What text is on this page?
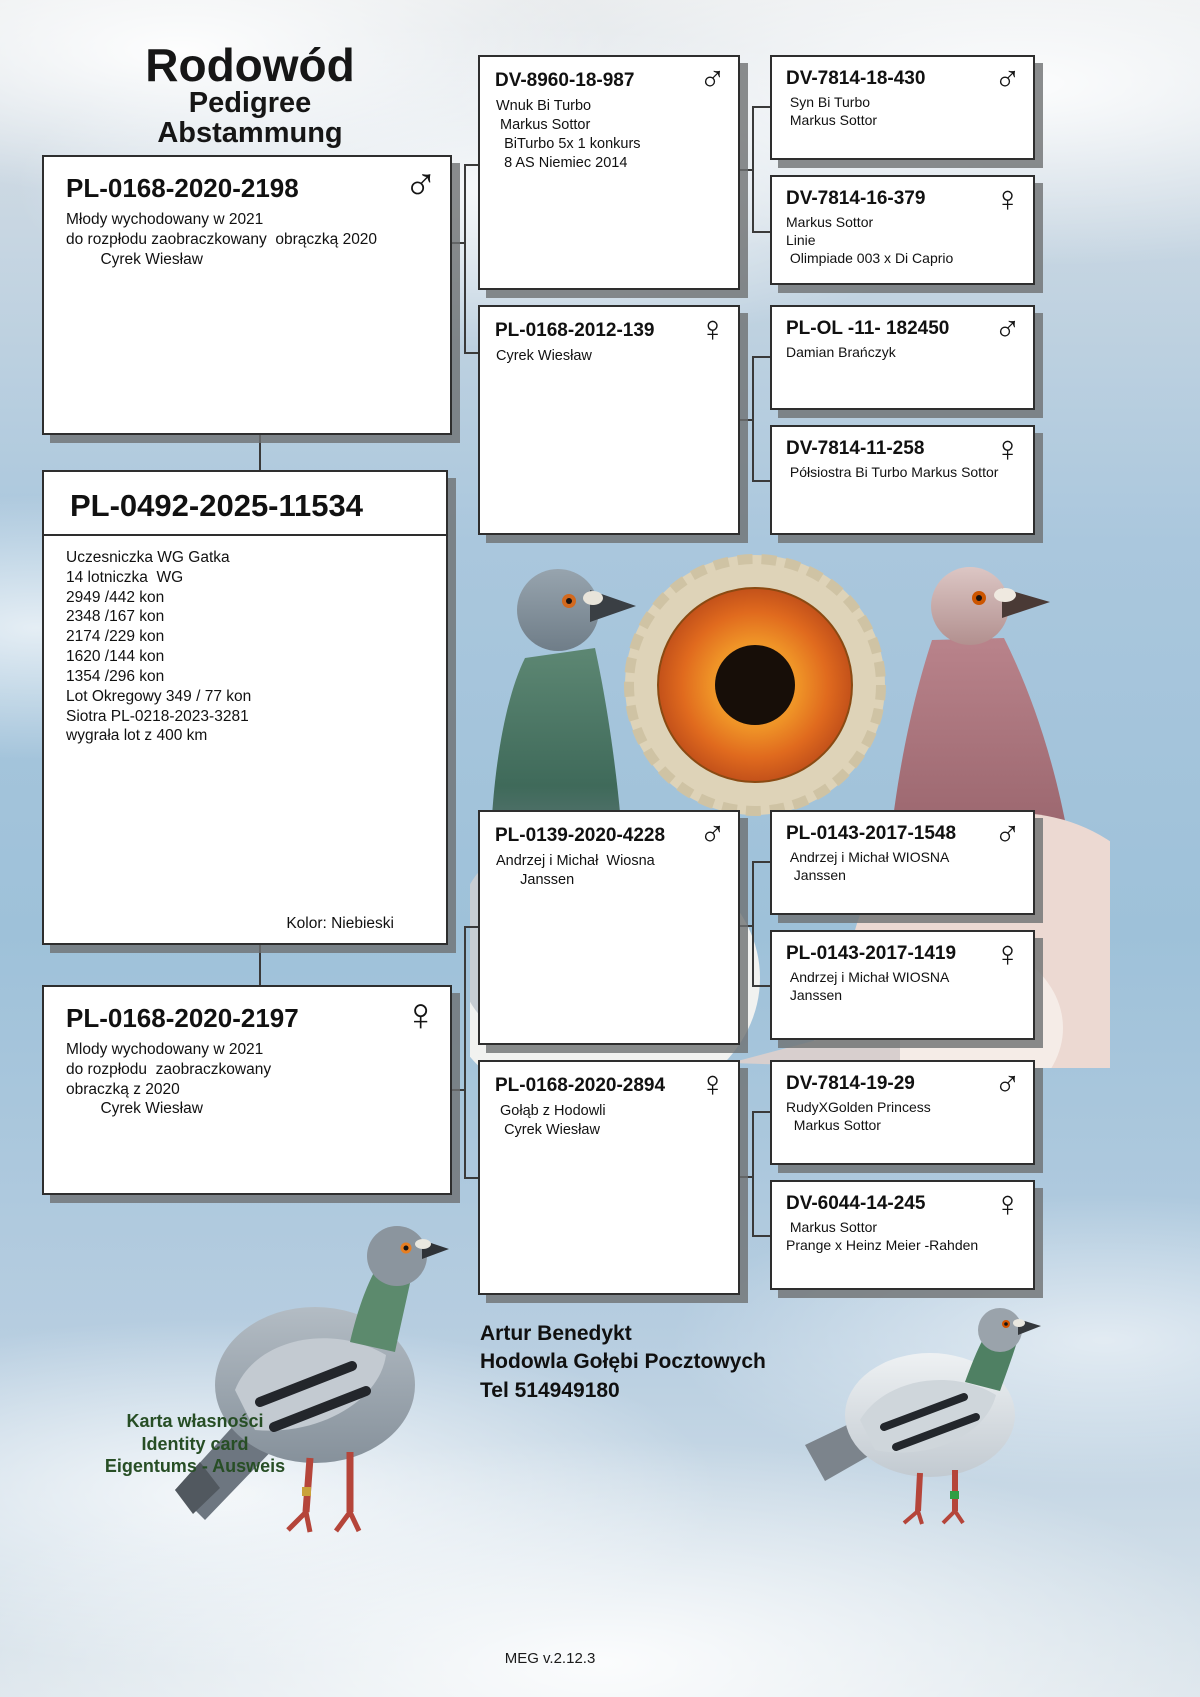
Rodowód
Pedigree
Abstammung
PL-0168-2020-2198	♂
Młody wychodowany w 2021
do rozpłodu zaobraczkowany  obrączką 2020
Cyrek Wiesław
PL-0492-2025-11534
Uczesniczka WG Gatka
14 lotniczka  WG
2949 /442 kon
2348 /167 kon
2174 /229 kon
1620 /144 kon
1354 /296 kon
Lot Okregowy 349 / 77 kon
Siotra PL-0218-2023-3281
wygrała lot z 400 km
Kolor: Niebieski
PL-0168-2020-2197	♀
Mlody wychodowany w 2021
do rozpłodu  zaobraczkowany
obraczką z 2020
Cyrek Wiesław
DV-8960-18-987	♂
Wnuk Bi Turbo
Markus Sottor
BiTurbo 5x 1 konkurs
8 AS Niemiec 2014
PL-0168-2012-139	♀
Cyrek Wiesław
PL-0139-2020-4228 ♂
Andrzej i Michał  Wiosna
Janssen
PL-0168-2020-2894 ♀
Gołąb z Hodowli
Cyrek Wiesław
DV-7814-18-430	♂
Syn Bi Turbo
Markus Sottor
DV-7814-16-379	♀
Markus Sottor
Linie
Olimpiade 003 x Di Caprio
PL-OL -11- 182450	♂
Damian Brańczyk
DV-7814-11-258	♀
Półsiostra Bi Turbo Markus Sottor
PL-0143-2017-1548	♂
Andrzej i Michał WIOSNA
Janssen
PL-0143-2017-1419	♀
Andrzej i Michał WIOSNA
Janssen
DV-7814-19-29	♂
RudyXGolden Princess
Markus Sottor
DV-6044-14-245	♀
Markus Sottor
Prange x Heinz Meier -Rahden
Artur Benedykt
Hodowla Gołębi Pocztowych
Tel 514949180
Karta własności
Identity card
Eigentums - Ausweis
MEG v.2.12.3
